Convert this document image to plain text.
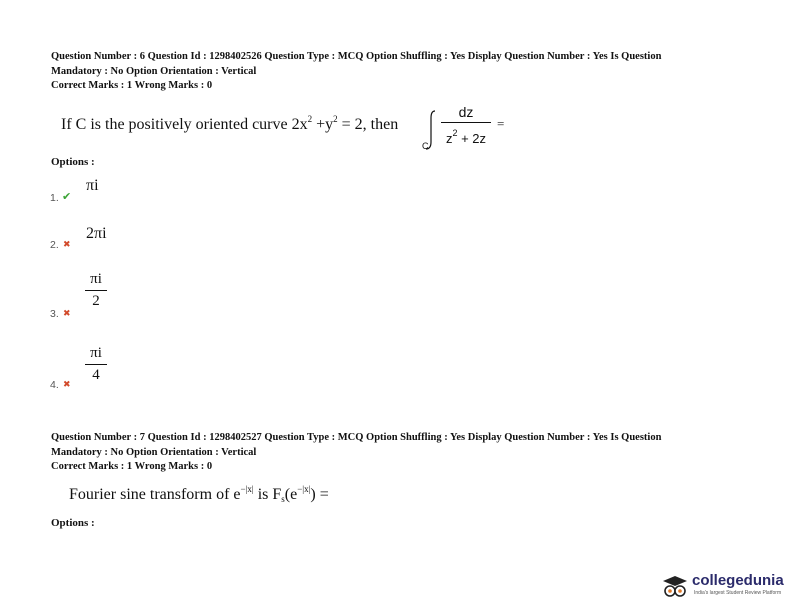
Question Number : 6 Question Id : 1298402526 Question Type : MCQ Option Shuffling : Yes Display Question Number : Yes Is Question
Mandatory : No Option Orientation : Vertical
Correct Marks : 1 Wrong Marks : 0
If C is the positively oriented curve $2x^2 +y^2 = 2$, then
C
dz
$z^2 + 2z$
=
Options :
πi
1. ✔
2πi
2. ✖
πi
2
3. ✖
πi
4
4. ✖
Question Number : 7 Question Id : 1298402527 Question Type : MCQ Option Shuffling : Yes Display Question Number : Yes Is Question
Mandatory : No Option Orientation : Vertical
Correct Marks : 1 Wrong Marks : 0
Fourier sine transform of $e^{-|x|}$ is $F_s(e^{-|x|})$ =
Options :
collegedunia
India's largest Student Review Platform
